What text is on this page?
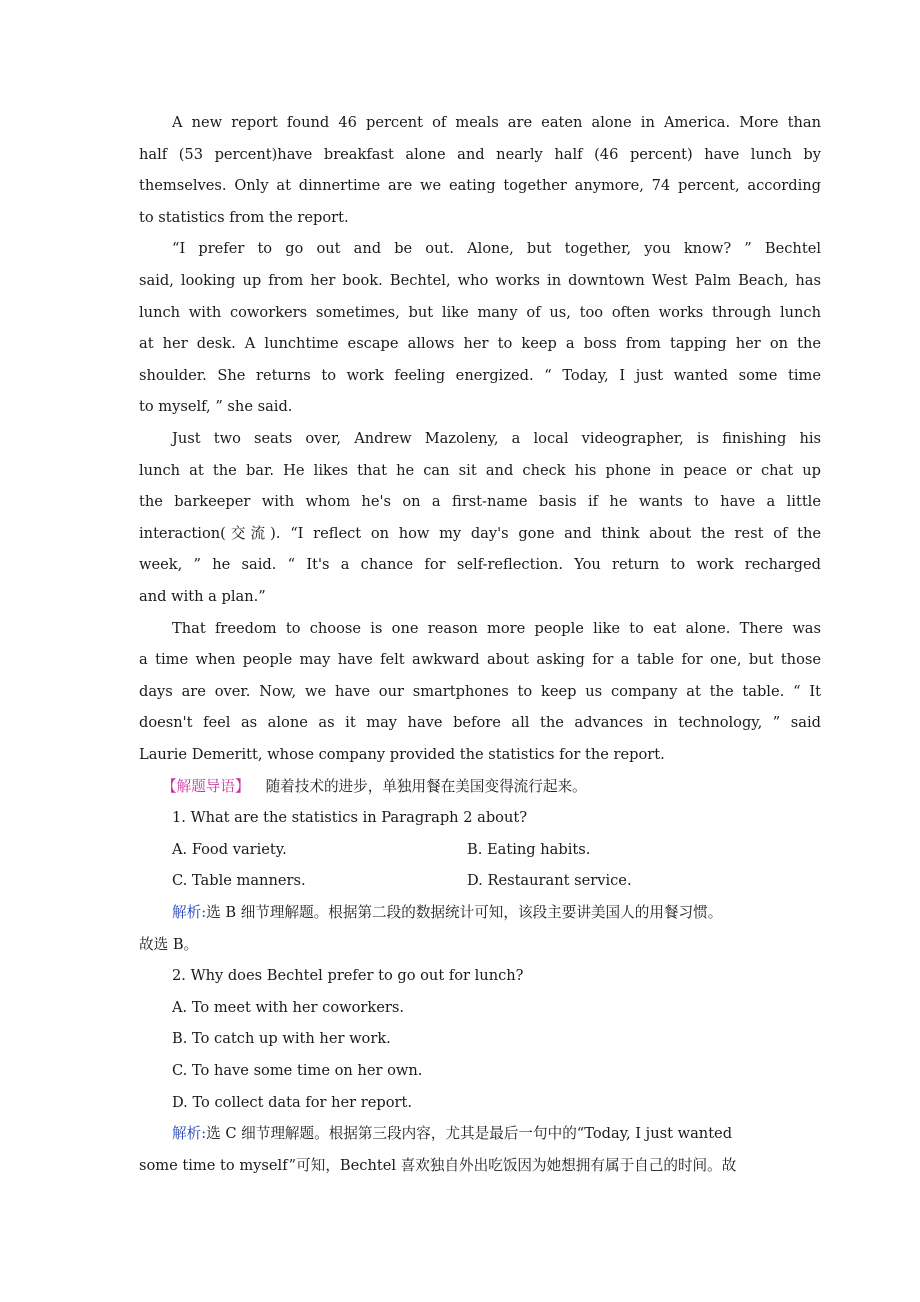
A new report found 46 percent of meals are eaten alone in America. More than
half (53 percent)have breakfast alone and nearly half (46 percent) have lunch by
themselves. Only at dinnertime are we eating together anymore, 74 percent, according
to statistics from the report.
“I prefer to go out and be out. Alone, but together, you know? ” Bechtel
said, looking up from her book. Bechtel, who works in downtown West Palm Beach, has
lunch with coworkers sometimes, but like many of us, too often works through lunch
at her desk. A lunchtime escape allows her to keep a boss from tapping her on the
shoulder. She returns to work feeling energized. “ Today, I just wanted some time
to myself, ” she said.
Just two seats over, Andrew Mazoleny, a local videographer, is finishing his
lunch at the bar. He likes that he can sit and check his phone in peace or chat up
the barkeeper with whom he's on a first-name basis if he wants to have a little
interaction(交流). “I reflect on how my day's gone and think about the rest of the
week, ” he said. “ It's a chance for self-reflection. You return to work recharged
and with a plan.”
That freedom to choose is one reason more people like to eat alone. There was
a time when people may have felt awkward about asking for a table for one, but those
days are over. Now, we have our smartphones to keep us company at the table. “ It
doesn't feel as alone as it may have before all the advances in technology, ” said
Laurie Demeritt, whose company provided the statistics for the report.
【解题导语】 随着技术的进步，单独用餐在美国变得流行起来。
1. What are the statistics in Paragraph 2 about?
A. Food variety.	B. Eating habits.
C. Table manners.	D. Restaurant service.
解析:选 B 细节理解题。根据第二段的数据统计可知，该段主要讲美国人的用餐习惯。
故选 B。
2. Why does Bechtel prefer to go out for lunch?
A. To meet with her coworkers.
B. To catch up with her work.
C. To have some time on her own.
D. To collect data for her report.
解析:选 C 细节理解题。根据第三段内容，尤其是最后一句中的“Today, I just wanted
some time to myself”可知，Bechtel 喜欢独自外出吃饭因为她想拥有属于自己的时间。故
